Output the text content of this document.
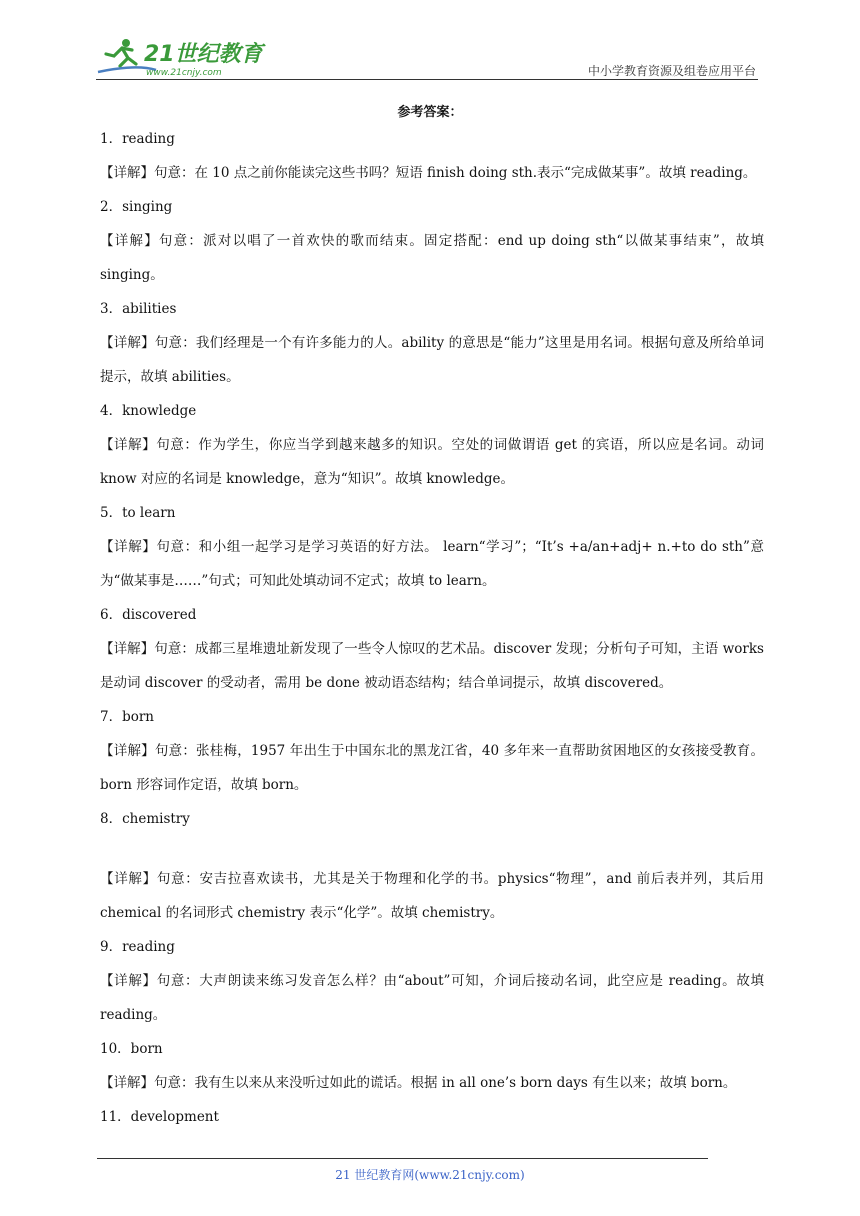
21世纪教育
www.21cnjy.com	中小学教育资源及组卷应用平台
参考答案：
1．reading
【详解】句意：在 10 点之前你能读完这些书吗？短语 finish doing sth.表示“完成做某事”。故填 reading。
2．singing
【详解】句意：派对以唱了一首欢快的歌而结束。固定搭配：end up doing sth“以做某事结束”，故填 singing。
3．abilities
【详解】句意：我们经理是一个有许多能力的人。ability 的意思是“能力”这里是用名词。根据句意及所给单词提示，故填 abilities。
4．knowledge
【详解】句意：作为学生，你应当学到越来越多的知识。空处的词做谓语 get 的宾语，所以应是名词。动词 know 对应的名词是 knowledge，意为“知识”。故填 knowledge。
5．to learn
【详解】句意：和小组一起学习是学习英语的好方法。 learn“学习”；“It’s +a/an+adj+ n.+to do sth”意为“做某事是……”句式；可知此处填动词不定式；故填 to learn。
6．discovered
【详解】句意：成都三星堆遗址新发现了一些令人惊叹的艺术品。discover 发现；分析句子可知，主语 works 是动词 discover 的受动者，需用 be done 被动语态结构；结合单词提示，故填 discovered。
7．born
【详解】句意：张桂梅，1957 年出生于中国东北的黑龙江省，40 多年来一直帮助贫困地区的女孩接受教育。born 形容词作定语，故填 born。
8．chemistry
【详解】句意：安吉拉喜欢读书，尤其是关于物理和化学的书。physics“物理”，and 前后表并列，其后用 chemical 的名词形式 chemistry 表示“化学”。故填 chemistry。
9．reading
【详解】句意：大声朗读来练习发音怎么样？由“about”可知，介词后接动名词，此空应是 reading。故填 reading。
10．born
【详解】句意：我有生以来从来没听过如此的谎话。根据 in all one’s born days 有生以来；故填 born。
11．development
21 世纪教育网(www.21cnjy.com)
